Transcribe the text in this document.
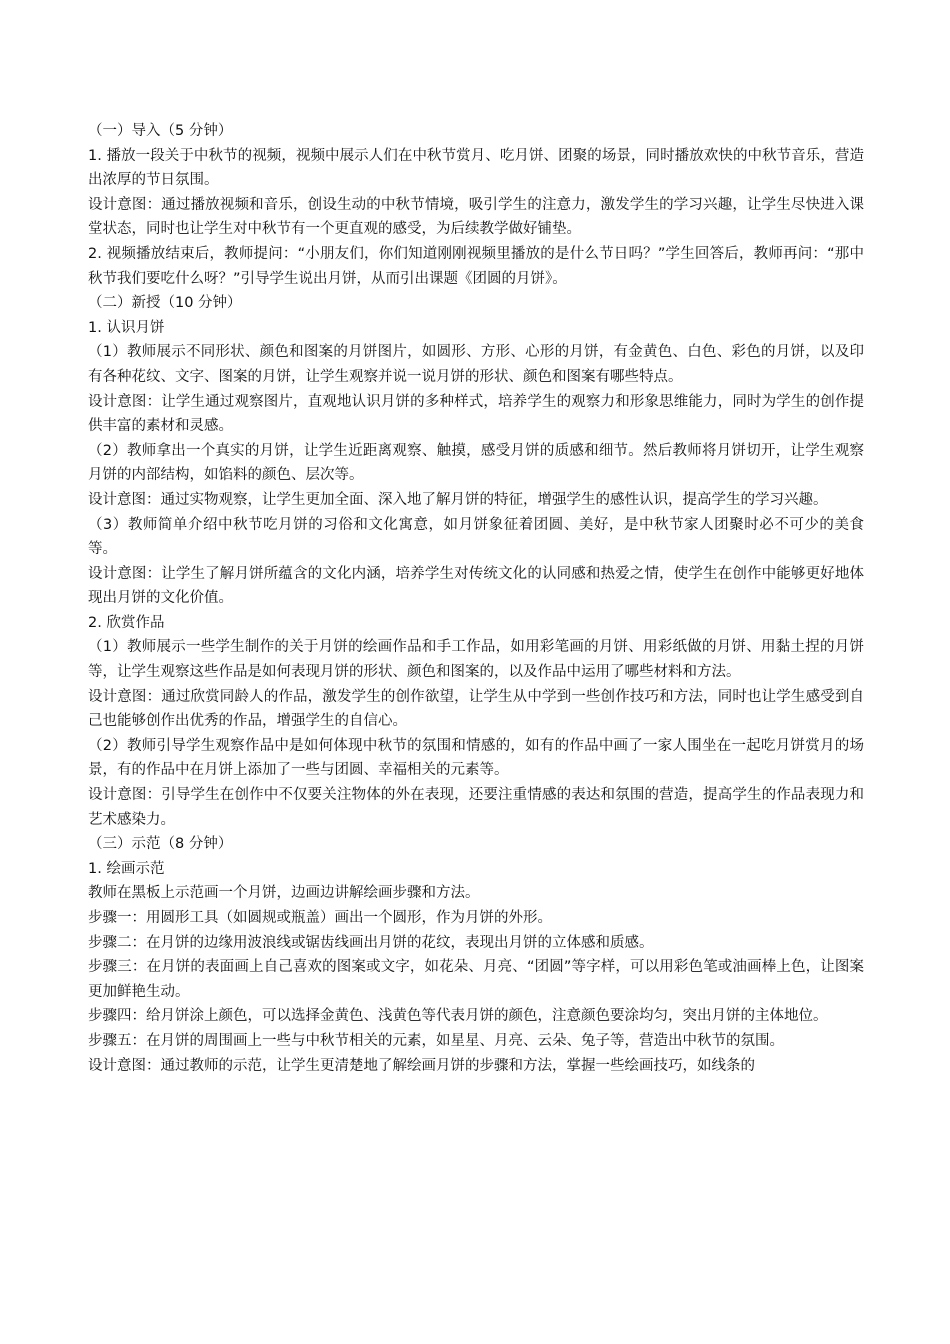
（一）导入（5 分钟）

1. 播放一段关于中秋节的视频，视频中展示人们在中秋节赏月、吃月饼、团聚的场景，同时播放欢快的中秋节音乐，营造出浓厚的节日氛围。

设计意图：通过播放视频和音乐，创设生动的中秋节情境，吸引学生的注意力，激发学生的学习兴趣，让学生尽快进入课堂状态，同时也让学生对中秋节有一个更直观的感受，为后续教学做好铺垫。

2. 视频播放结束后，教师提问：“小朋友们，你们知道刚刚视频里播放的是什么节日吗？”学生回答后，教师再问：“那中秋节我们要吃什么呀？”引导学生说出月饼，从而引出课题《团圆的月饼》。

（二）新授（10 分钟）

1. 认识月饼

（1）教师展示不同形状、颜色和图案的月饼图片，如圆形、方形、心形的月饼，有金黄色、白色、彩色的月饼，以及印有各种花纹、文字、图案的月饼，让学生观察并说一说月饼的形状、颜色和图案有哪些特点。

设计意图：让学生通过观察图片，直观地认识月饼的多种样式，培养学生的观察力和形象思维能力，同时为学生的创作提供丰富的素材和灵感。

（2）教师拿出一个真实的月饼，让学生近距离观察、触摸，感受月饼的质感和细节。然后教师将月饼切开，让学生观察月饼的内部结构，如馅料的颜色、层次等。

设计意图：通过实物观察，让学生更加全面、深入地了解月饼的特征，增强学生的感性认识，提高学生的学习兴趣。

（3）教师简单介绍中秋节吃月饼的习俗和文化寓意，如月饼象征着团圆、美好，是中秋节家人团聚时必不可少的美食等。

设计意图：让学生了解月饼所蕴含的文化内涵，培养学生对传统文化的认同感和热爱之情，使学生在创作中能够更好地体现出月饼的文化价值。

2. 欣赏作品

（1）教师展示一些学生制作的关于月饼的绘画作品和手工作品，如用彩笔画的月饼、用彩纸做的月饼、用黏土捏的月饼等，让学生观察这些作品是如何表现月饼的形状、颜色和图案的，以及作品中运用了哪些材料和方法。

设计意图：通过欣赏同龄人的作品，激发学生的创作欲望，让学生从中学到一些创作技巧和方法，同时也让学生感受到自己也能够创作出优秀的作品，增强学生的自信心。

（2）教师引导学生观察作品中是如何体现中秋节的氛围和情感的，如有的作品中画了一家人围坐在一起吃月饼赏月的场景，有的作品中在月饼上添加了一些与团圆、幸福相关的元素等。

设计意图：引导学生在创作中不仅要关注物体的外在表现，还要注重情感的表达和氛围的营造，提高学生的作品表现力和艺术感染力。

（三）示范（8 分钟）

1. 绘画示范

教师在黑板上示范画一个月饼，边画边讲解绘画步骤和方法。

步骤一：用圆形工具（如圆规或瓶盖）画出一个圆形，作为月饼的外形。

步骤二：在月饼的边缘用波浪线或锯齿线画出月饼的花纹，表现出月饼的立体感和质感。

步骤三：在月饼的表面画上自己喜欢的图案或文字，如花朵、月亮、“团圆”等字样，可以用彩色笔或油画棒上色，让图案更加鲜艳生动。

步骤四：给月饼涂上颜色，可以选择金黄色、浅黄色等代表月饼的颜色，注意颜色要涂均匀，突出月饼的主体地位。

步骤五：在月饼的周围画上一些与中秋节相关的元素，如星星、月亮、云朵、兔子等，营造出中秋节的氛围。

设计意图：通过教师的示范，让学生更清楚地了解绘画月饼的步骤和方法，掌握一些绘画技巧，如线条的
